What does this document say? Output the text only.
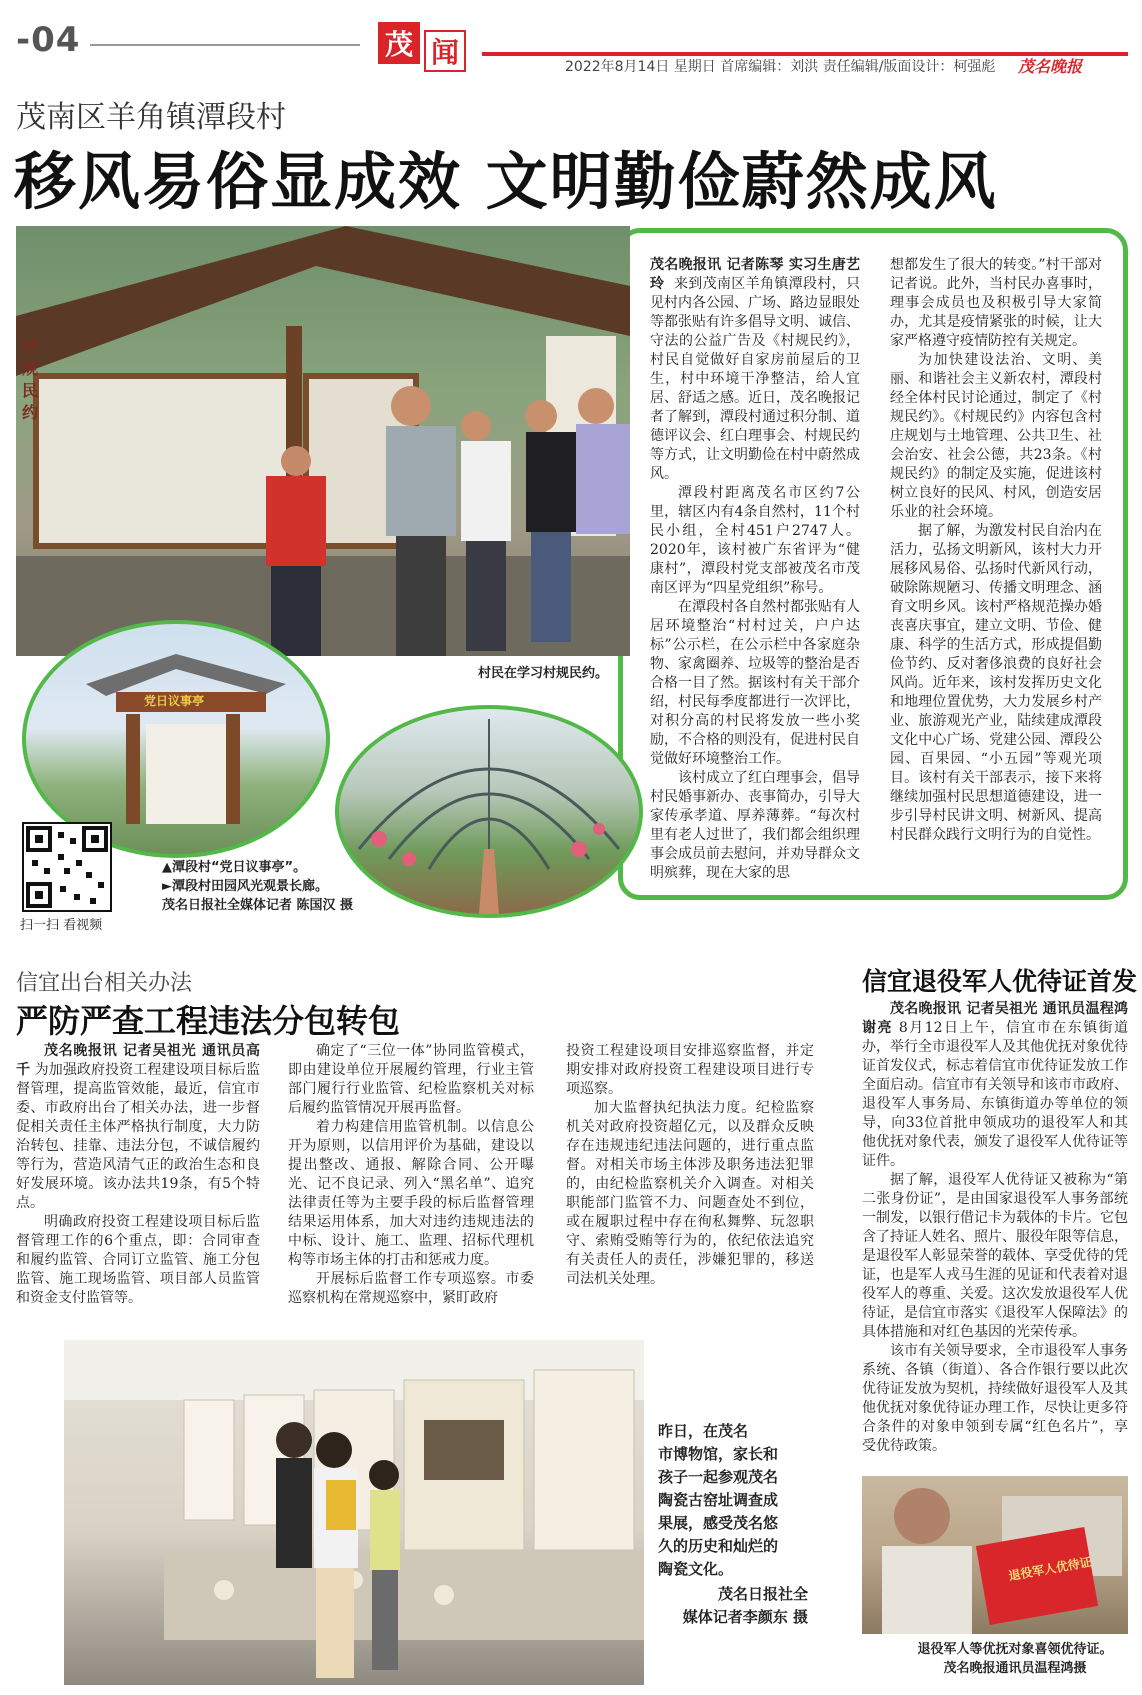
-04	茂 闻	2022年8月14日 星期日 首席编辑：刘洪 责任编辑/版面设计：柯强彪 茂名晚报
茂南区羊角镇潭段村
移风易俗显成效 文明勤俭蔚然成风
村规民约
村民在学习村规民约。
党日议事亭
扫一扫 看视频
▲潭段村“党日议事亭”。
►潭段村田园风光观景长廊。
茂名日报社全媒体记者 陈国汉 摄

茂名晚报讯 记者陈琴 实习生唐艺玲 来到茂南区羊角镇潭段村，只见村内各公园、广场、路边显眼处等都张贴有许多倡导文明、诚信、守法的公益广告及《村规民约》，村民自觉做好自家房前屋后的卫生，村中环境干净整洁，给人宜居、舒适之感。近日，茂名晚报记者了解到，潭段村通过积分制、道德评议会、红白理事会、村规民约等方式，让文明勤俭在村中蔚然成风。

潭段村距离茂名市区约7公里，辖区内有4条自然村，11个村民小组，全村451户2747人。2020年，该村被广东省评为“健康村”，潭段村党支部被茂名市茂南区评为“四星党组织”称号。

在潭段村各自然村都张贴有人居环境整治“村村过关，户户达标”公示栏，在公示栏中各家庭杂物、家禽圈养、垃圾等的整治是否合格一目了然。据该村有关干部介绍，村民每季度都进行一次评比，对积分高的村民将发放一些小奖励，不合格的则没有，促进村民自觉做好环境整治工作。

该村成立了红白理事会，倡导村民婚事新办、丧事简办，引导大家传承孝道、厚养薄葬。“每次村里有老人过世了，我们都会组织理事会成员前去慰问，并劝导群众文明殡葬，现在大家的思

想都发生了很大的转变。”村干部对记者说。此外，当村民办喜事时，理事会成员也及积极引导大家简办，尤其是疫情紧张的时候，让大家严格遵守疫情防控有关规定。

为加快建设法治、文明、美丽、和谐社会主义新农村，潭段村经全体村民讨论通过，制定了《村规民约》。《村规民约》内容包含村庄规划与土地管理、公共卫生、社会治安、社会公德，共23条。《村规民约》的制定及实施，促进该村树立良好的民风、村风，创造安居乐业的社会环境。

据了解，为激发村民自治内在活力，弘扬文明新风，该村大力开展移风易俗、弘扬时代新风行动，破除陈规陋习、传播文明理念、涵育文明乡风。该村严格规范操办婚丧喜庆事宜，建立文明、节俭、健康、科学的生活方式，形成提倡勤俭节约、反对奢侈浪费的良好社会风尚。近年来，该村发挥历史文化和地理位置优势，大力发展乡村产业、旅游观光产业，陆续建成潭段文化中心广场、党建公园、潭段公园、百果园、“小五园”等观光项目。该村有关干部表示，接下来将继续加强村民思想道德建设，进一步引导村民讲文明、树新风、提高村民群众践行文明行为的自觉性。

信宜出台相关办法
严防严查工程违法分包转包

茂名晚报讯 记者吴祖光 通讯员高千 为加强政府投资工程建设项目标后监督管理，提高监管效能，最近，信宜市委、市政府出台了相关办法，进一步督促相关责任主体严格执行制度，大力防治转包、挂靠、违法分包，不诚信履约等行为，营造风清气正的政治生态和良好发展环境。该办法共19条，有5个特点。

明确政府投资工程建设项目标后监督管理工作的6个重点，即：合同审查和履约监管、合同订立监管、施工分包监管、施工现场监管、项目部人员监管和资金支付监管等。

确定了“三位一体”协同监管模式，即由建设单位开展履约管理，行业主管部门履行行业监管、纪检监察机关对标后履约监管情况开展再监督。

着力构建信用监管机制。以信息公开为原则，以信用评价为基础，建设以提出整改、通报、解除合同、公开曝光、记不良记录、列入“黑名单”、追究法律责任等为主要手段的标后监督管理结果运用体系，加大对违约违规违法的中标、设计、施工、监理、招标代理机构等市场主体的打击和惩戒力度。

开展标后监督工作专项巡察。市委巡察机构在常规巡察中，紧盯政府

投资工程建设项目安排巡察监督，并定期安排对政府投资工程建设项目进行专项巡察。

加大监督执纪执法力度。纪检监察机关对政府投资超亿元，以及群众反映存在违规违纪违法问题的，进行重点监督。对相关市场主体涉及职务违法犯罪的，由纪检监察机关介入调查。对相关职能部门监管不力、问题查处不到位，或在履职过程中存在徇私舞弊、玩忽职守、索贿受贿等行为的，依纪依法追究有关责任人的责任，涉嫌犯罪的，移送司法机关处理。

昨日，在茂名
市博物馆，家长和
孩子一起参观茂名
陶瓷古窑址调查成
果展，感受茂名悠
久的历史和灿烂的
陶瓷文化。
茂名日报社全
媒体记者李颜东 摄
信宜退役军人优待证首发

茂名晚报讯 记者吴祖光 通讯员温程鸿 谢亮 8月12日上午，信宜市在东镇街道办，举行全市退役军人及其他优抚对象优待证首发仪式，标志着信宜市优待证发放工作全面启动。信宜市有关领导和该市市政府、退役军人事务局、东镇街道办等单位的领导，向33位首批申领成功的退役军人和其他优抚对象代表，颁发了退役军人优待证等证件。

据了解，退役军人优待证又被称为“第二张身份证”，是由国家退役军人事务部统一制发，以银行借记卡为载体的卡片。它包含了持证人姓名、照片、服役年限等信息，是退役军人彰显荣誉的载体、享受优待的凭证，也是军人戎马生涯的见证和代表着对退役军人的尊重、关爱。这次发放退役军人优待证，是信宜市落实《退役军人保障法》的具体措施和对红色基因的光荣传承。

该市有关领导要求，全市退役军人事务系统、各镇（街道）、各合作银行要以此次优待证发放为契机，持续做好退役军人及其他优抚对象优待证办理工作，尽快让更多符合条件的对象申领到专属“红色名片”，享受优待政策。

退役军人优待证
退役军人等优抚对象喜领优待证。
茂名晚报通讯员温程鸿摄
